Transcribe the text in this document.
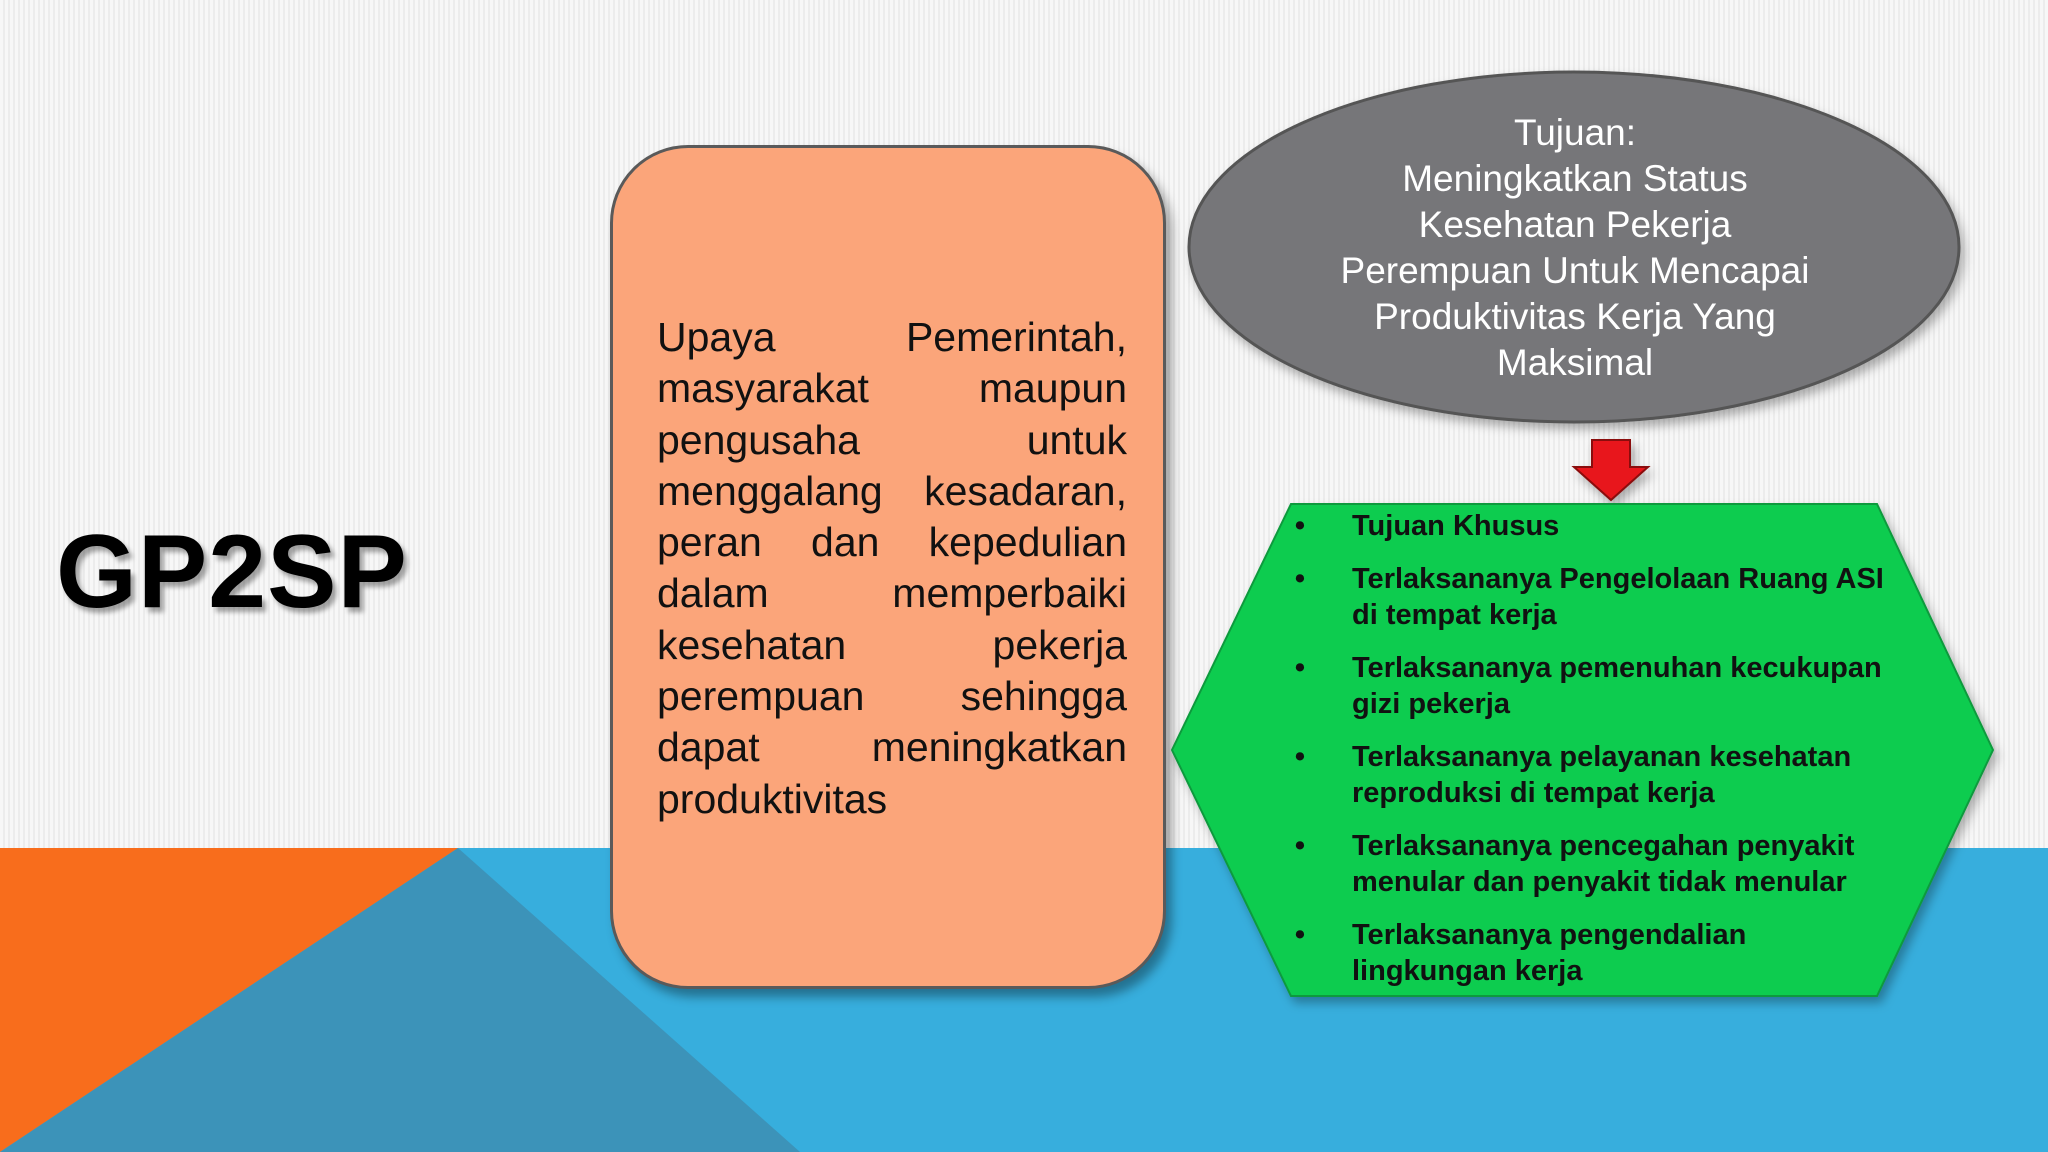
GP2SP

Upaya Pemerintah, masyarakat maupun pengusaha untuk menggalang kesadaran, peran dan kepedulian dalam memperbaiki kesehatan pekerja perempuan sehingga dapat meningkatkan produktivitas

Tujuan:
Meningkatkan Status
Kesehatan Pekerja
Perempuan Untuk Mencapai
Produktivitas Kerja Yang
Maksimal
• Tujuan Khusus
• Terlaksananya Pengelolaan Ruang ASI di tempat kerja
• Terlaksananya pemenuhan kecukupan gizi pekerja
• Terlaksananya pelayanan kesehatan reproduksi di tempat kerja
• Terlaksananya pencegahan penyakit menular dan penyakit tidak menular
• Terlaksananya pengendalian lingkungan kerja
